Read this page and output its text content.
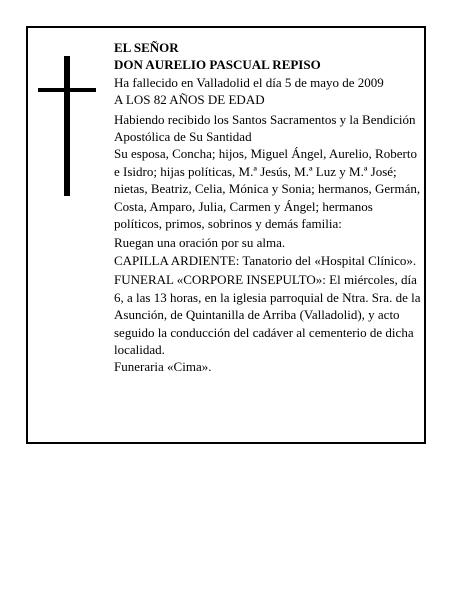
EL SEÑOR

DON AURELIO PASCUAL REPISO

Ha fallecido en Valladolid el día 5 de mayo de 2009

A LOS 82 AÑOS DE EDAD

Habiendo recibido los Santos Sacramentos y la Bendición Apostólica de Su Santidad

Su esposa, Concha; hijos, Miguel Ángel, Aurelio, Roberto e Isidro; hijas políticas, M.ª Jesús, M.ª Luz y M.ª José; nietas, Beatriz, Celia, Mónica y Sonia; hermanos, Germán, Costa, Amparo, Julia, Carmen y Ángel; hermanos políticos, primos, sobrinos y demás familia:

Ruegan una oración por su alma.

CAPILLA ARDIENTE: Tanatorio del «Hospital Clínico».

FUNERAL «CORPORE INSEPULTO»: El miércoles, día 6, a las 13 horas, en la iglesia parroquial de Ntra. Sra. de la Asunción, de Quintanilla de Arriba (Valladolid), y acto seguido la conducción del cadáver al cementerio de dicha localidad.

Funeraria «Cima».
